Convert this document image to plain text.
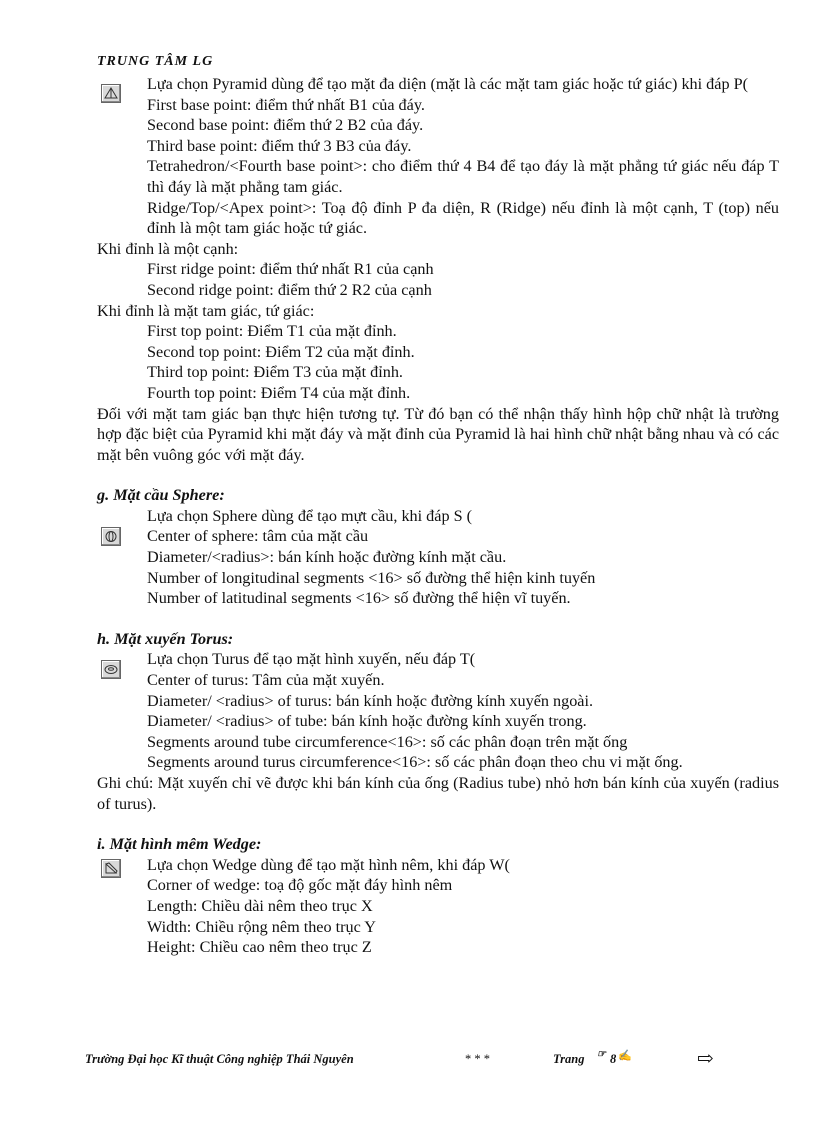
TRUNG TÂM LG
Lựa chọn Pyramid dùng để tạo mặt đa diện (mặt là các mặt tam giác hoặc tứ giác) khi đáp P(
First base point: điểm thứ nhất B1 của đáy.
Second base point: điểm thứ 2 B2 của đáy.
Third base point: điểm thứ 3 B3 của đáy.
Tetrahedron/<Fourth base point>: cho điểm thứ 4 B4 để tạo đáy là mặt phẳng tứ giác nếu đáp T thì đáy là mặt phẳng tam giác.
Ridge/Top/<Apex point>: Toạ độ đỉnh P đa diện, R (Ridge) nếu đỉnh là một cạnh, T (top) nếu đỉnh là một tam giác hoặc tứ giác.
Khi đỉnh là một cạnh:
First ridge point: điểm thứ nhất R1 của cạnh
Second ridge point: điểm thứ 2 R2 của cạnh
Khi đỉnh là mặt tam giác, tứ giác:
First top point: Điểm T1 của mặt đỉnh.
Second top point: Điểm T2 của mặt đỉnh.
Third top point: Điểm T3 của mặt đỉnh.
Fourth top point: Điểm T4 của mặt đỉnh.
Đối với mặt tam giác bạn thực hiện tương tự. Từ đó bạn có thể nhận thấy hình hộp chữ nhật là trường hợp đặc biệt của Pyramid khi mặt đáy và mặt đỉnh của Pyramid là hai hình chữ nhật bằng nhau và có các mặt bên vuông góc với mặt đáy.
g. Mặt cầu Sphere:
Lựa chọn Sphere dùng để tạo mựt cầu, khi đáp S (
Center of sphere: tâm của mặt cầu
Diameter/<radius>: bán kính hoặc đường kính mặt cầu.
Number of longitudinal segments <16> số đường thể hiện kinh tuyến
Number of latitudinal segments <16> số đường thể hiện vĩ tuyến.
h. Mặt xuyến Torus:
Lựa chọn Turus để tạo mặt hình xuyến, nếu đáp T(
Center of turus: Tâm của mặt xuyến.
Diameter/ <radius> of turus: bán kính hoặc đường kính xuyến ngoài.
Diameter/ <radius> of tube: bán kính hoặc đường kính xuyến trong.
Segments around tube circumference<16>: số các phân đoạn trên mặt ống
Segments around turus circumference<16>: số các phân đoạn theo chu vi mặt ống.
Ghi chú: Mặt xuyến chỉ vẽ được khi bán kính của ống (Radius tube) nhỏ hơn bán kính của xuyến (radius of turus).
i. Mặt hình mêm Wedge:
Lựa chọn Wedge dùng để tạo mặt hình nêm, khi đáp W(
Corner of wedge: toạ độ gốc mặt đáy hình nêm
Length: Chiều dài nêm theo trục X
Width: Chiều rộng nêm theo trục Y
Height: Chiều cao nêm theo trục Z
Trường Đại học Kĩ thuật Công nghiệp Thái Nguyên	* * *	Trang ☞ 8 ✍	⇨
